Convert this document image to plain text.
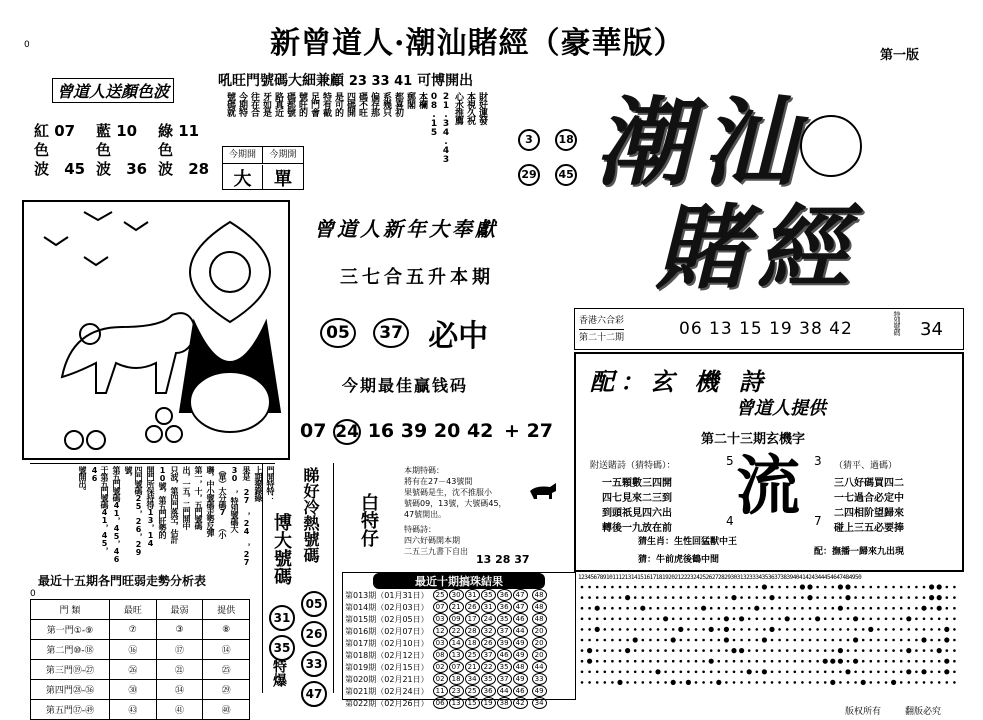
0	新曾道人·潮汕賭經（豪華版）	第一版
曾道人送顏色波
紅 07
色
波 45
藍 10
色
波 36
綠 11
色
波 28
吼旺門號碼大細兼顧 23 33 41 可博開出
財好運發
本視久祝
心水推薦
21.34.43
08.15
本欄
郵閣
都喜初
系幾只
偏存那
碼不旺
四碼開
是可的
特有截
足門會
號旺的
碼都號
路真近
牙如是
往在合
今期特
號碼就
今期開	今期開
大	單
3 18
29 45 潮汕
賭經
曾道人新年大奉獻
三七合五升本期
05 37 必中
今期最佳贏钱码
07 24 16 39 20 42 + 27
香港六合彩
第二十二期	06 13 15 19 38 42	特別號碼 34
配：玄 機 詩
曾道人提供
第二十三期玄機字
附送賭詩（猜特碼）：	（猜平、過碼）
一五顆數三四開
四七見來二三到
到頭祇見四六出
轉後一九放在前
三八好碼買四二
一七過合必定中
二四相阶望歸來
碰上三五必要捧
5	3
4	7
流
猜生肖：生性回猛獸中王
猜：牛前虎後鶴中間
配：撫播一歸來九出現
門開特特：
上期撥錄綠
果是 27 ，24 ，27
30 ，特別號碼大
（單）大分碼7 （小
聯，中小號碼走勢反彈
第一，十，五門號碼
出，一五，二門開中
只波，第四門落空，估計
10號，第五門旺勢的
開門所保持得13，14
四門號碼25，26，29號，
第五門號碼41，45，46
于第五門號碼41，45，46
號開出。	睇好冷熱號碼
博大號碼
05
26
33
47
31
35
特爆
白特仔
本期特碼：
將有在27－43號間
果號碼是生，沈不推服小
號碼09，13號，大號碼45，
47號開出。
特碼詩：
四六好碼開本期
二五三九書下自出
13 28 37
最近十五期各門旺弱走勢分析表
0
門 類	最旺	最弱	提供
第一門①-⑨	⑦	③	⑧
第二門⑩-⑱	⑯	⑰	⑭
第三門⑲-㉗	㉖	㉑	㉕
第四門㉘-㊱	㉚	㉞	㉙
第五門㊲-㊾	㊸	㊶	㊵
最近十期搞珠結果
第013期（01月31日）	25 30 31 35 36 47 48
第014期（02月03日）	07 21 26 31 36 47 48
第015期（02月05日）	03 09 17 24 35 46 48
第016期（02月07日）	12 22 28 32 37 44 20
第017期（02月10日）	03 14 18 26 39 49 20
第018期（02月12日）	08 13 25 37 46 49 20
第019期（02月15日）	02 07 21 22 35 48 44
第020期（02月21日）	02 18 34 35 37 49 33
第021期（02月24日）	11 23 25 36 44 46 49
第022期（02月26日）	06 13 15 19 38 42 34
1234567891011121314151617181920212223242526272829303132333435363738394041424344454647484950
版权所有	翻版必究
